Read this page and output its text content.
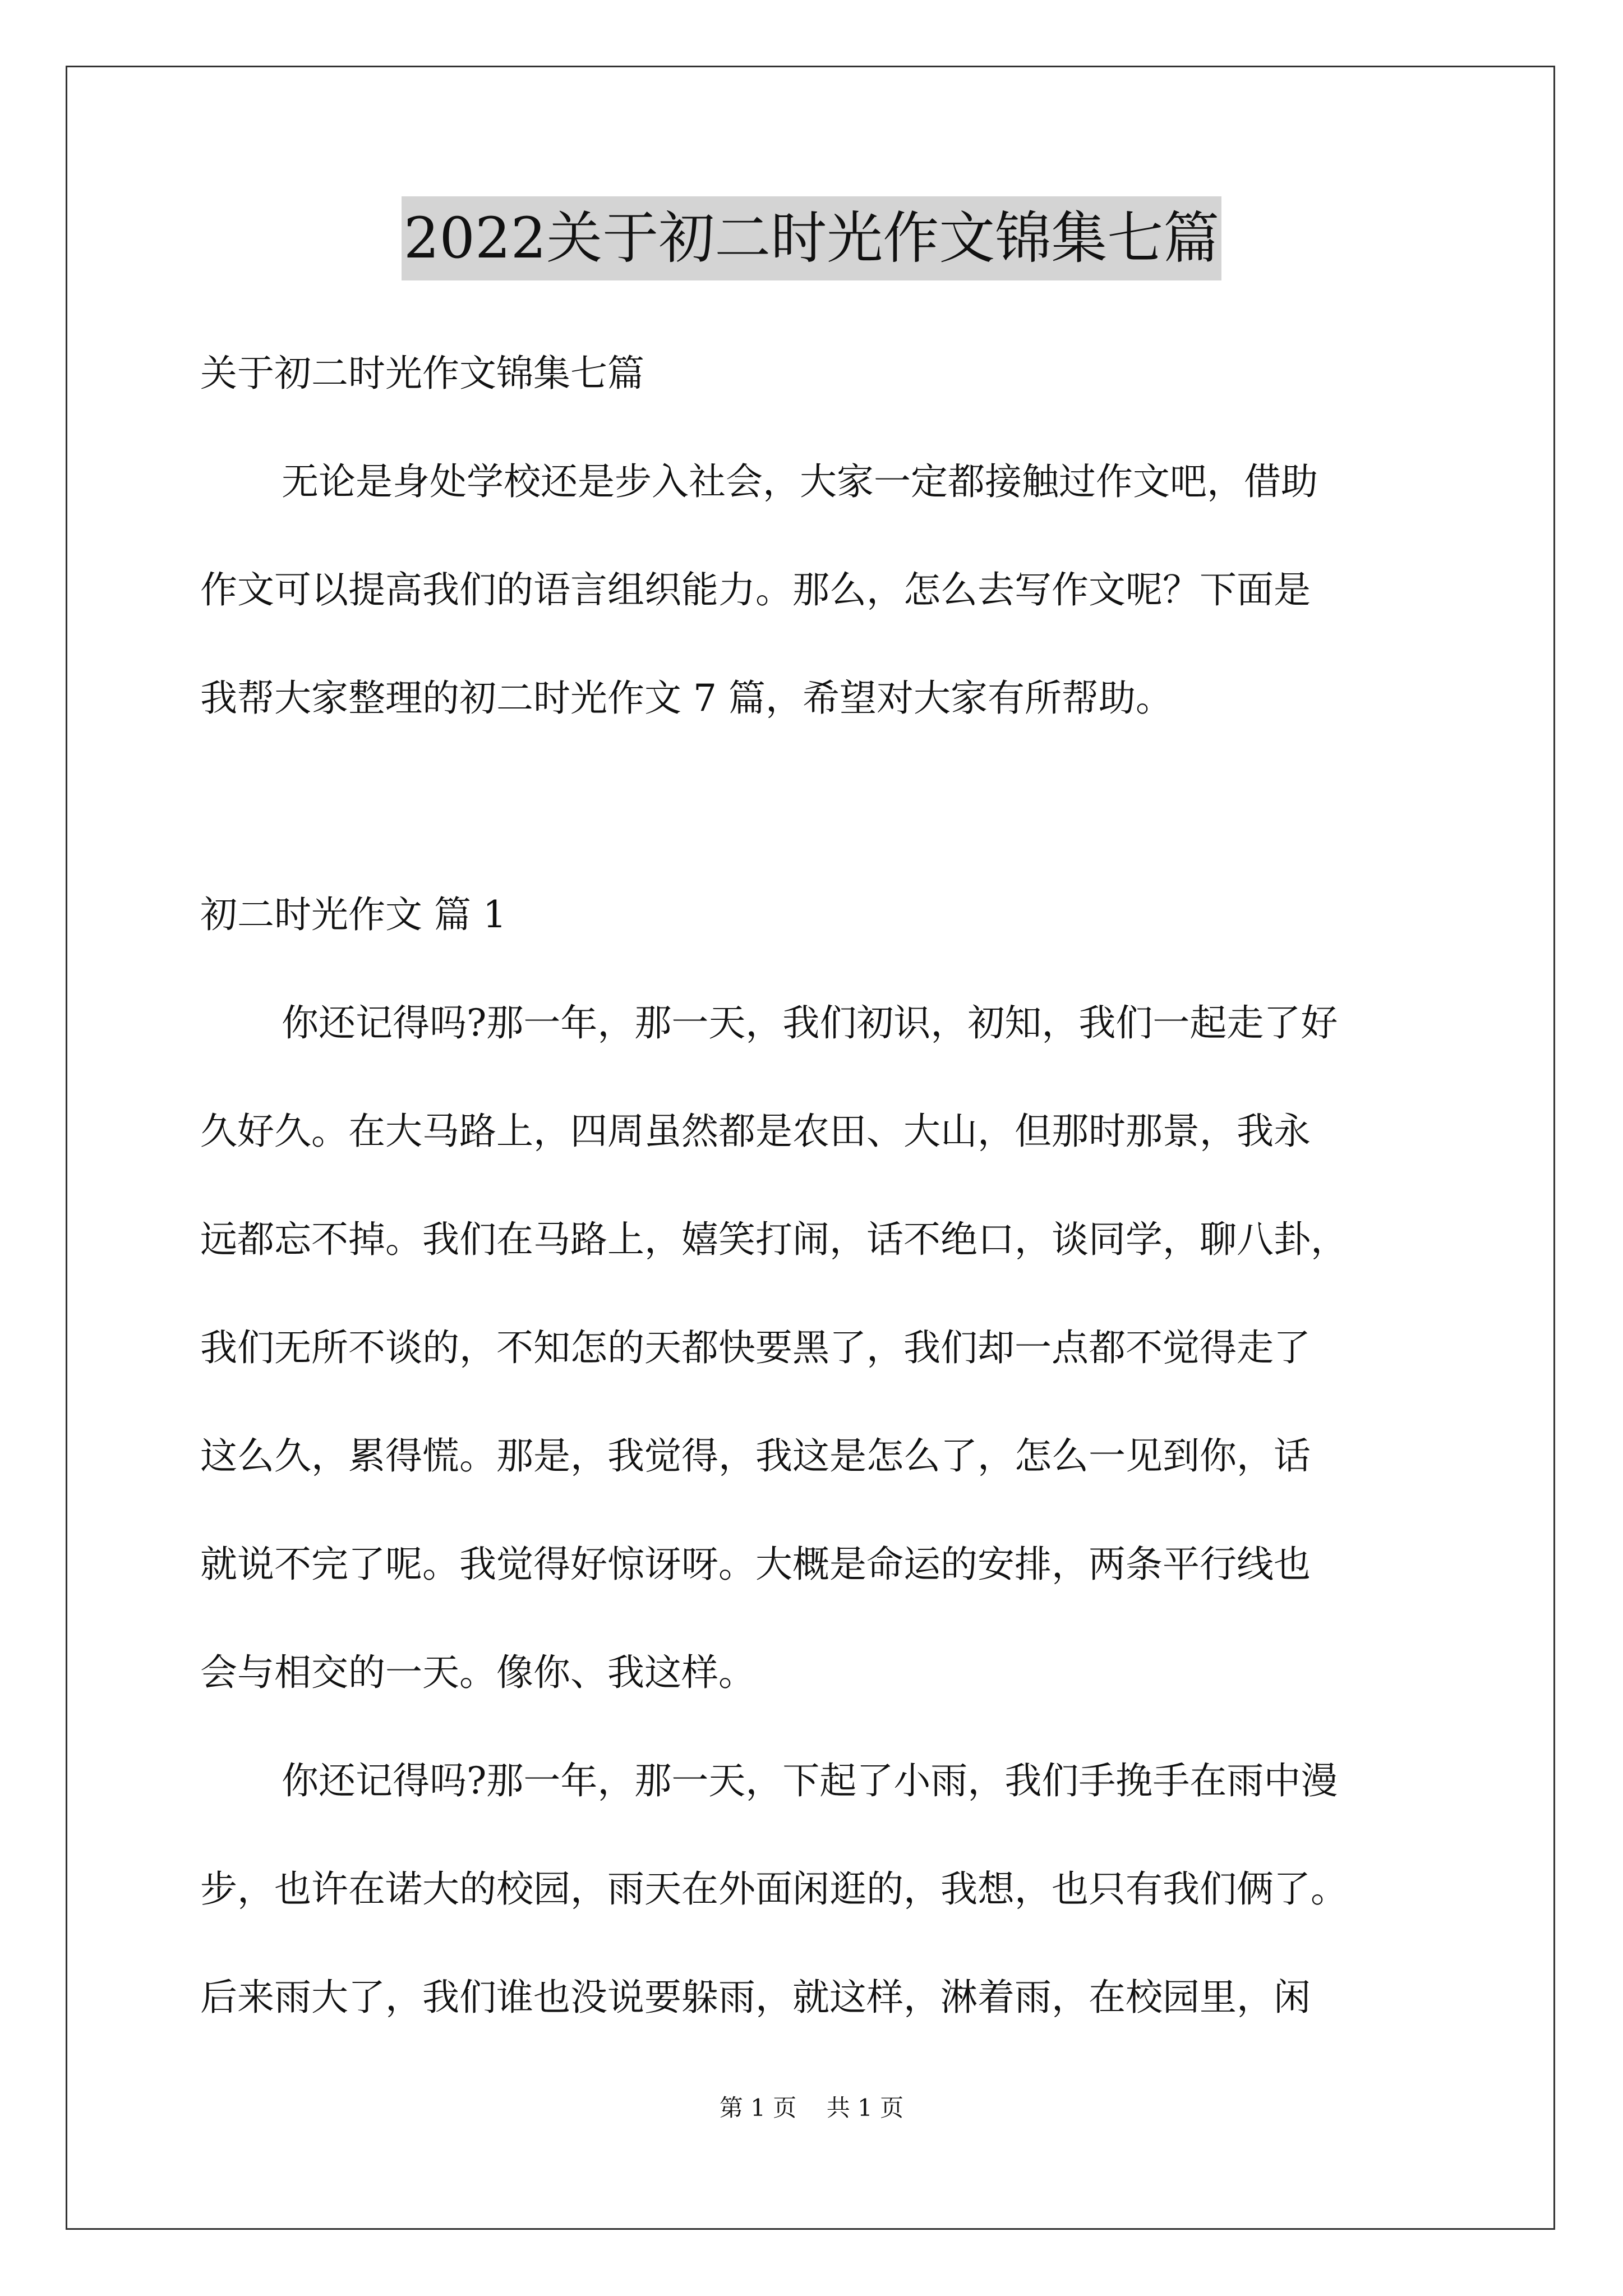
2022关于初二时光作文锦集七篇
关于初二时光作文锦集七篇
无论是身处学校还是步入社会，大家一定都接触过作文吧，借助
作文可以提高我们的语言组织能力。那么，怎么去写作文呢？下面是
我帮大家整理的初二时光作文 7 篇，希望对大家有所帮助。
初二时光作文 篇 1
你还记得吗?那一年，那一天，我们初识，初知，我们一起走了好
久好久。在大马路上，四周虽然都是农田、大山，但那时那景，我永
远都忘不掉。我们在马路上，嬉笑打闹，话不绝口，谈同学，聊八卦，
我们无所不谈的，不知怎的天都快要黑了，我们却一点都不觉得走了
这么久，累得慌。那是，我觉得，我这是怎么了，怎么一见到你，话
就说不完了呢。我觉得好惊讶呀。大概是命运的安排，两条平行线也
会与相交的一天。像你、我这样。
你还记得吗?那一年，那一天，下起了小雨，我们手挽手在雨中漫
步，也许在诺大的校园，雨天在外面闲逛的，我想，也只有我们俩了。
后来雨大了，我们谁也没说要躲雨，就这样，淋着雨，在校园里，闲
第 1 页    共 1 页
